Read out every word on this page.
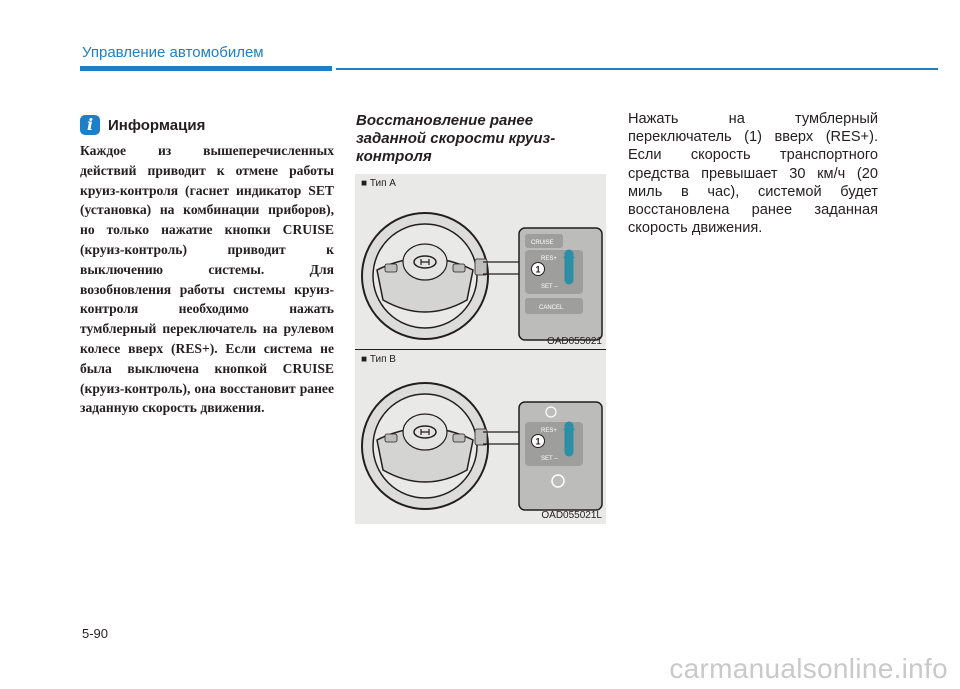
Управление автомобилем
i Информация
Каждое из вышеперечисленных действий приводит к отмене работы круиз-контроля (гаснет индикатор SET (установка) на комбинации приборов), но только нажатие кнопки CRUISE (круиз-контроль) приводит к выключению системы. Для возобновления работы системы круиз-контроля необходимо нажать тумблерный переключатель на рулевом колесе вверх (RES+). Если система не была выключена кнопкой CRUISE (круиз-контроль), она восстановит ранее заданную скорость движения.
Восстановление ранее заданной скорости круиз-контроля
CRUISE
RES+
SET –
CANCEL
1
■ Тип А
OAD055021
RES+
SET –
1
■ Тип В
OAD055021L
Нажать на тумблерный переключатель (1) вверх (RES+). Если скорость транспортного средства превышает 30 км/ч (20 миль в час), системой будет восстановлена ранее заданная скорость движения.
5-90
carmanualsonline.info
